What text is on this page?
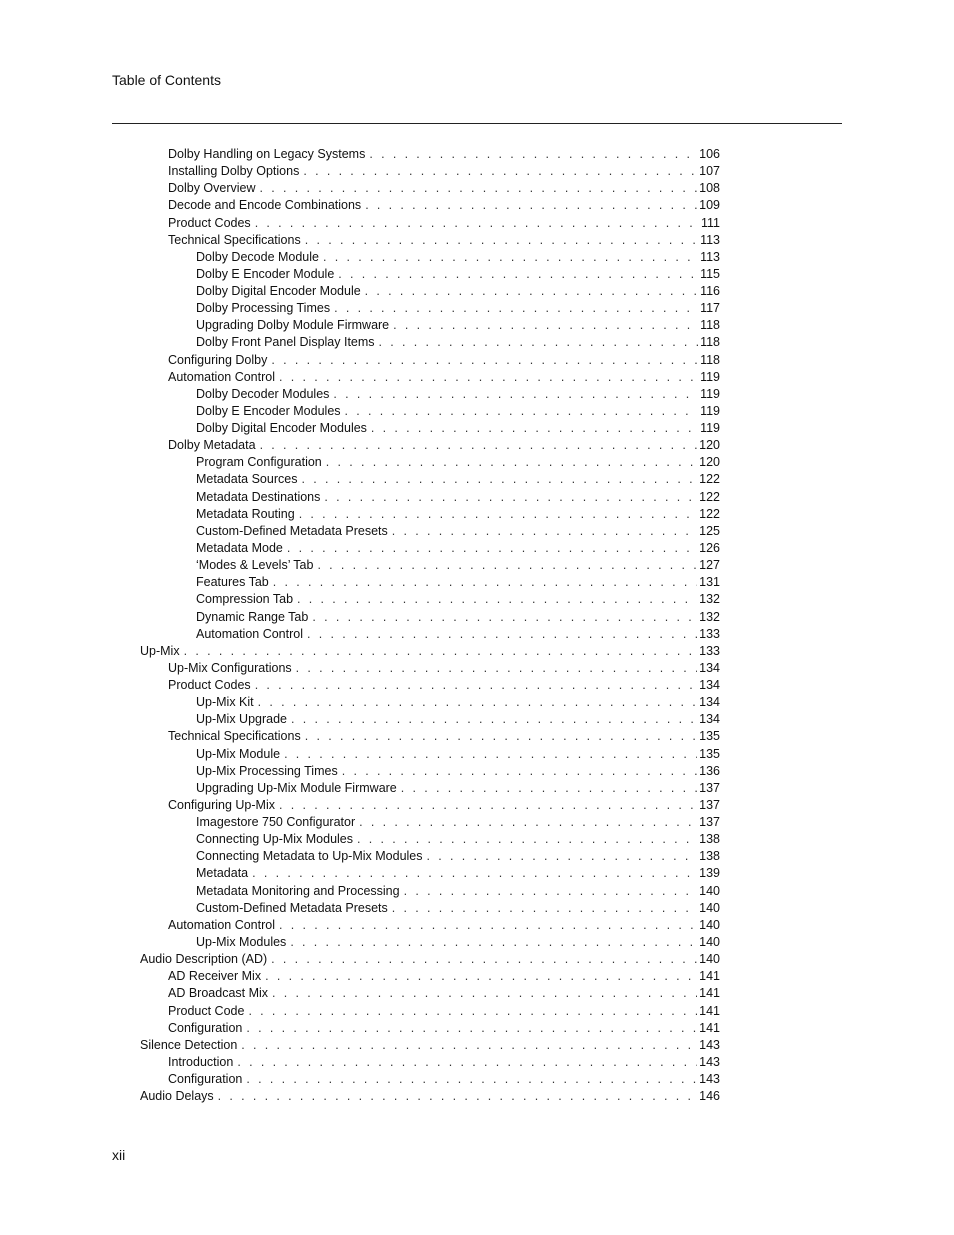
Table of Contents
Dolby Handling on Legacy Systems . . .	106
Installing Dolby Options . . .	107
Dolby Overview . . .	108
Decode and Encode Combinations . . .	109
Product Codes . . .	111
Technical Specifications . . .	113
Dolby Decode Module . . .	113
Dolby E Encoder Module . . .	115
Dolby Digital Encoder Module . . .	116
Dolby Processing Times . . .	117
Upgrading Dolby Module Firmware . . .	118
Dolby Front Panel Display Items . . .	118
Configuring Dolby . . .	118
Automation Control . . .	119
Dolby Decoder Modules . . .	119
Dolby E Encoder Modules . . .	119
Dolby Digital Encoder Modules . . .	119
Dolby Metadata . . .	120
Program Configuration . . .	120
Metadata Sources . . .	122
Metadata Destinations . . .	122
Metadata Routing . . .	122
Custom-Defined Metadata Presets . . .	125
Metadata Mode . . .	126
‘Modes & Levels’ Tab . . .	127
Features Tab . . .	131
Compression Tab . . .	132
Dynamic Range Tab . . .	132
Automation Control . . .	133
Up-Mix . . .	133
Up-Mix Configurations . . .	134
Product Codes . . .	134
Up-Mix Kit . . .	134
Up-Mix Upgrade . . .	134
Technical Specifications . . .	135
Up-Mix Module . . .	135
Up-Mix Processing Times . . .	136
Upgrading Up-Mix Module Firmware . . .	137
Configuring Up-Mix . . .	137
Imagestore 750 Configurator . . .	137
Connecting Up-Mix Modules . . .	138
Connecting Metadata to Up-Mix Modules . . .	138
Metadata . . .	139
Metadata Monitoring and Processing . . .	140
Custom-Defined Metadata Presets . . .	140
Automation Control . . .	140
Up-Mix Modules . . .	140
Audio Description (AD) . . .	140
AD Receiver Mix . . .	141
AD Broadcast Mix . . .	141
Product Code . . .	141
Configuration . . .	141
Silence Detection . . .	143
Introduction . . .	143
Configuration . . .	143
Audio Delays . . .	146
xii
